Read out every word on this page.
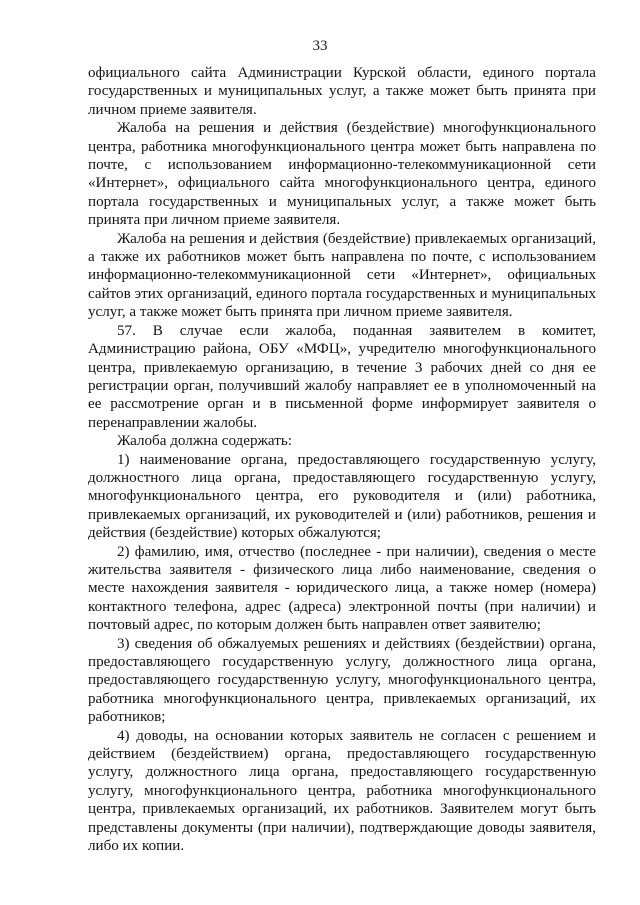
33

официального сайта Администрации Курской области, единого портала государственных и муниципальных услуг, а также может быть принята при личном приеме заявителя.

Жалоба на решения и действия (бездействие) многофункционального центра, работника многофункционального центра может быть направлена по почте, с использованием информационно-телекоммуникационной сети «Интернет», официального сайта многофункционального центра, единого портала государственных и муниципальных услуг, а также может быть принята при личном приеме заявителя.

Жалоба на решения и действия (бездействие) привлекаемых организаций, а также их работников может быть направлена по почте, с использованием информационно-телекоммуникационной сети «Интернет», официальных сайтов этих организаций, единого портала государственных и муниципальных услуг, а также может быть принята при личном приеме заявителя.

57. В случае если жалоба, поданная заявителем в комитет, Администрацию района, ОБУ «МФЦ», учредителю многофункционального центра, привлекаемую организацию, в течение 3 рабочих дней со дня ее регистрации орган, получивший жалобу направляет ее в уполномоченный на ее рассмотрение орган и в письменной форме информирует заявителя о перенаправлении жалобы.

Жалоба должна содержать:

1) наименование органа, предоставляющего государственную услугу, должностного лица органа, предоставляющего государственную услугу, многофункционального центра, его руководителя и (или) работника, привлекаемых организаций, их руководителей и (или) работников, решения и действия (бездействие) которых обжалуются;

2) фамилию, имя, отчество (последнее - при наличии), сведения о месте жительства заявителя - физического лица либо наименование, сведения о месте нахождения заявителя - юридического лица, а также номер (номера) контактного телефона, адрес (адреса) электронной почты (при наличии) и почтовый адрес, по которым должен быть направлен ответ заявителю;

3) сведения об обжалуемых решениях и действиях (бездействии) органа, предоставляющего государственную услугу, должностного лица органа, предоставляющего государственную услугу, многофункционального центра, работника многофункционального центра, привлекаемых организаций, их работников;

4) доводы, на основании которых заявитель не согласен с решением и действием (бездействием) органа, предоставляющего государственную услугу, должностного лица органа, предоставляющего государственную услугу, многофункционального центра, работника многофункционального центра, привлекаемых организаций, их работников. Заявителем могут быть представлены документы (при наличии), подтверждающие доводы заявителя, либо их копии.
